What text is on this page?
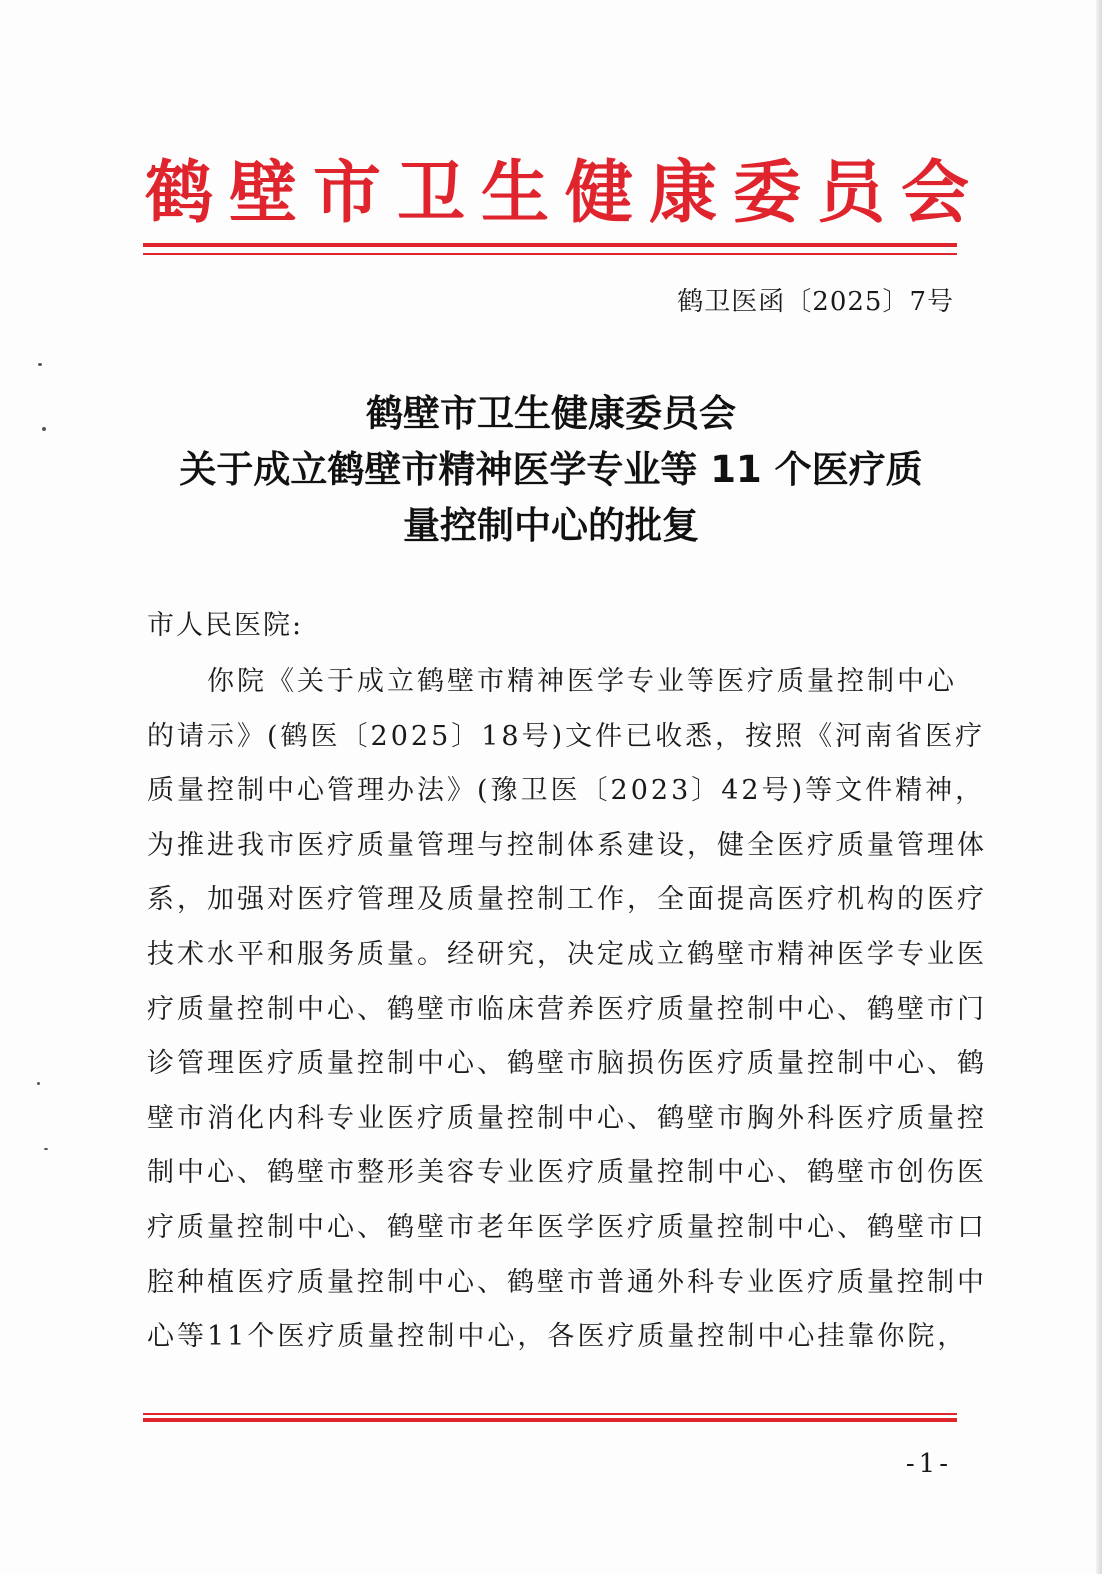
鹤壁市卫生健康委员会
鹤卫医函〔2025〕7号
鹤壁市卫生健康委员会
关于成立鹤壁市精神医学专业等 11 个医疗质
量控制中心的批复
市人民医院:
　　你院《关于成立鹤壁市精神医学专业等医疗质量控制中心
的请示》(鹤医〔2025〕18号)文件已收悉，按照《河南省医疗
质量控制中心管理办法》(豫卫医〔2023〕42号)等文件精神，
为推进我市医疗质量管理与控制体系建设，健全医疗质量管理体
系，加强对医疗管理及质量控制工作，全面提高医疗机构的医疗
技术水平和服务质量。经研究，决定成立鹤壁市精神医学专业医
疗质量控制中心、鹤壁市临床营养医疗质量控制中心、鹤壁市门
诊管理医疗质量控制中心、鹤壁市脑损伤医疗质量控制中心、鹤
壁市消化内科专业医疗质量控制中心、鹤壁市胸外科医疗质量控
制中心、鹤壁市整形美容专业医疗质量控制中心、鹤壁市创伤医
疗质量控制中心、鹤壁市老年医学医疗质量控制中心、鹤壁市口
腔种植医疗质量控制中心、鹤壁市普通外科专业医疗质量控制中
心等11个医疗质量控制中心，各医疗质量控制中心挂靠你院，
-1-
